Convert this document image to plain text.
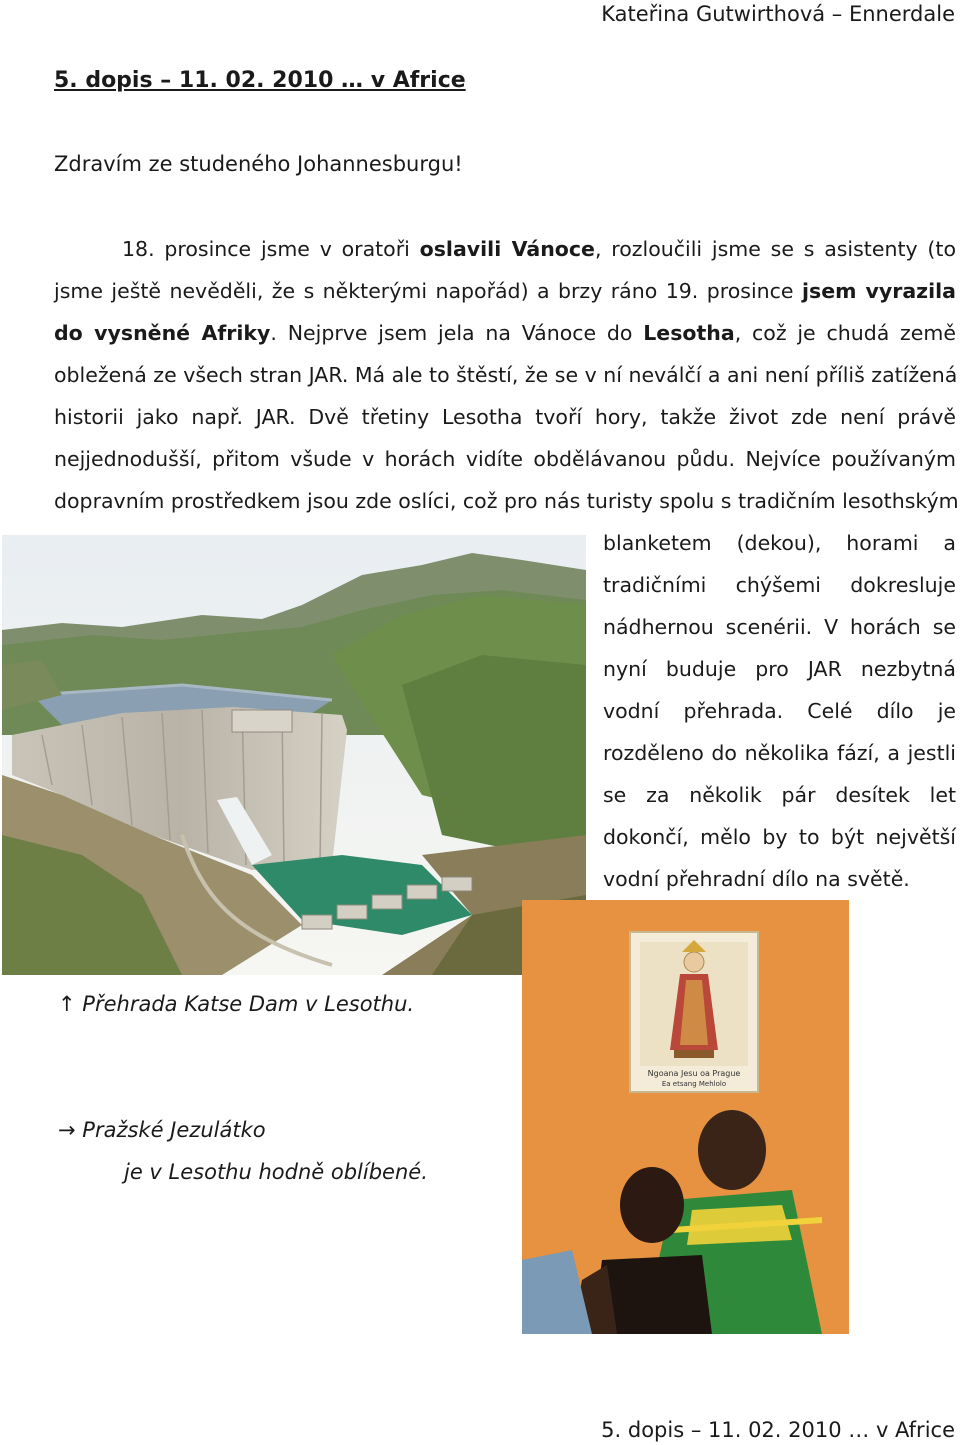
Kateřina Gutwirthová – Ennerdale
5. dopis – 11. 02. 2010 … v Africe
Zdravím ze studeného Johannesburgu!
18. prosince jsme v oratoři oslavili Vánoce, rozloučili jsme se s asistenty (to
jsme ještě nevěděli, že s některými napořád) a brzy ráno 19. prosince jsem vyrazila
do vysněné Afriky. Nejprve jsem jela na Vánoce do Lesotha, což je chudá země
obležená ze všech stran JAR. Má ale to štěstí, že se v ní neválčí a ani není příliš zatížená
historii jako např. JAR. Dvě třetiny Lesotha tvoří hory, takže život zde není právě
nejjednodušší, přitom všude v horách vidíte obdělávanou půdu. Nejvíce používaným
dopravním prostředkem jsou zde oslíci, což pro nás turisty spolu s tradičním lesothským
blanketem (dekou), horami a
tradičními chýšemi dokresluje
nádhernou scenérii. V horách se
nyní buduje pro JAR nezbytná
vodní přehrada. Celé dílo je
rozděleno do několika fází, a jestli
se za několik pár desítek let
dokončí, mělo by to být největší
vodní přehradní dílo na světě.
↑ Přehrada Katse Dam v Lesothu.
Ngoana Jesu oa Prague
Ea etsang Mehlolo
→ Pražské Jezulátko
je v Lesothu hodně oblíbené.
5. dopis – 11. 02. 2010 … v Africe
